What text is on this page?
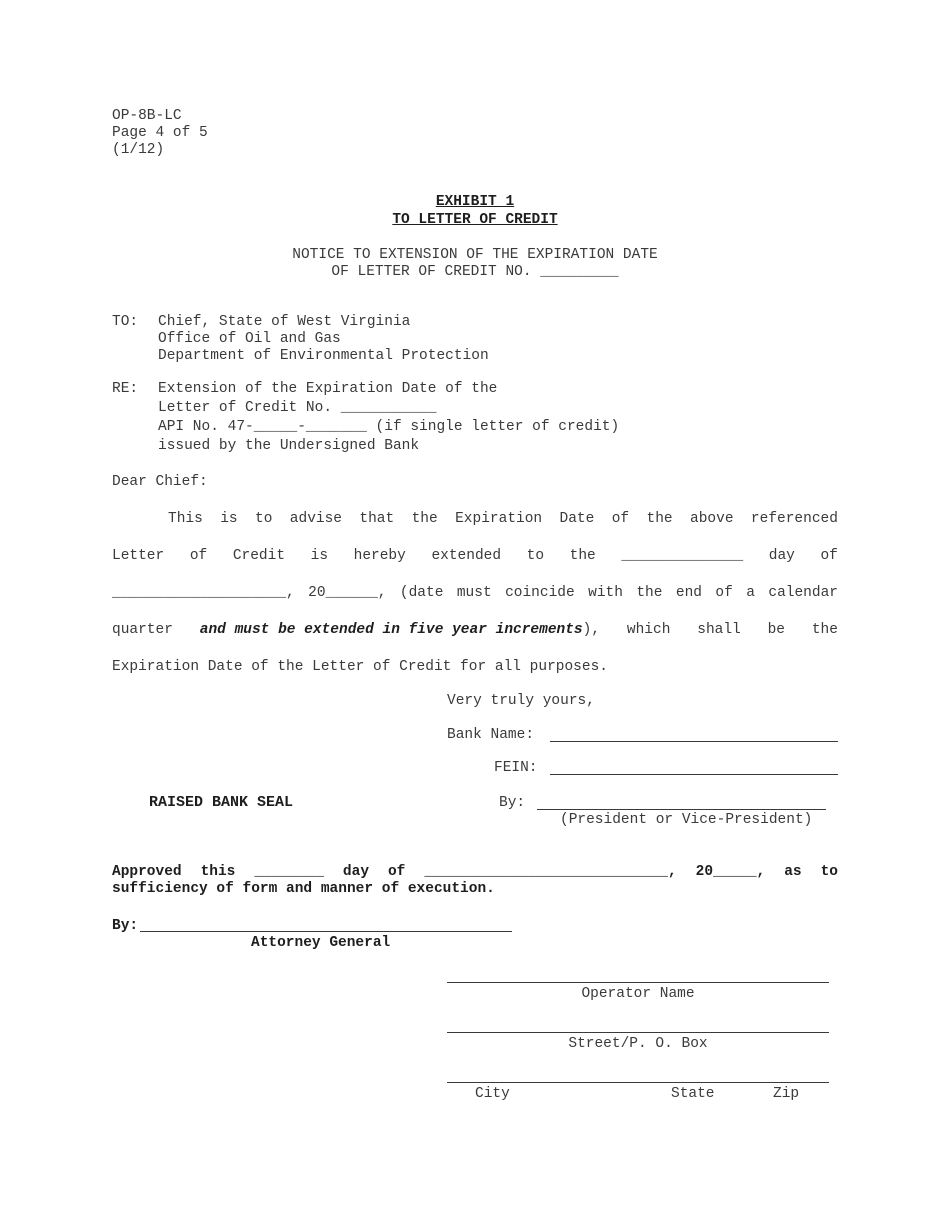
OP-8B-LC
Page 4 of 5
(1/12)
EXHIBIT 1
TO LETTER OF CREDIT
NOTICE TO EXTENSION OF THE EXPIRATION DATE
OF LETTER OF CREDIT NO. _________
TO: Chief, State of West Virginia
Office of Oil and Gas
Department of Environmental Protection
RE: Extension of the Expiration Date of the
Letter of Credit No. ___________
API No. 47-_____-_______ (if single letter of credit)
issued by the Undersigned Bank
Dear Chief:
This is to advise that the Expiration Date of the above referenced
Letter of Credit is hereby extended to the ______________ day of
____________________, 20______, (date must coincide with the end of a calendar
quarter and must be extended in five year increments), which shall be the
Expiration Date of the Letter of Credit for all purposes.
Very truly yours,
Bank Name:
FEIN:
RAISED BANK SEAL	By:
(President or Vice-President)
Approved this ________ day of ____________________________, 20_____, as to
sufficiency of form and manner of execution.
By:
Attorney General
Operator Name
Street/P. O. Box
City	State	Zip
